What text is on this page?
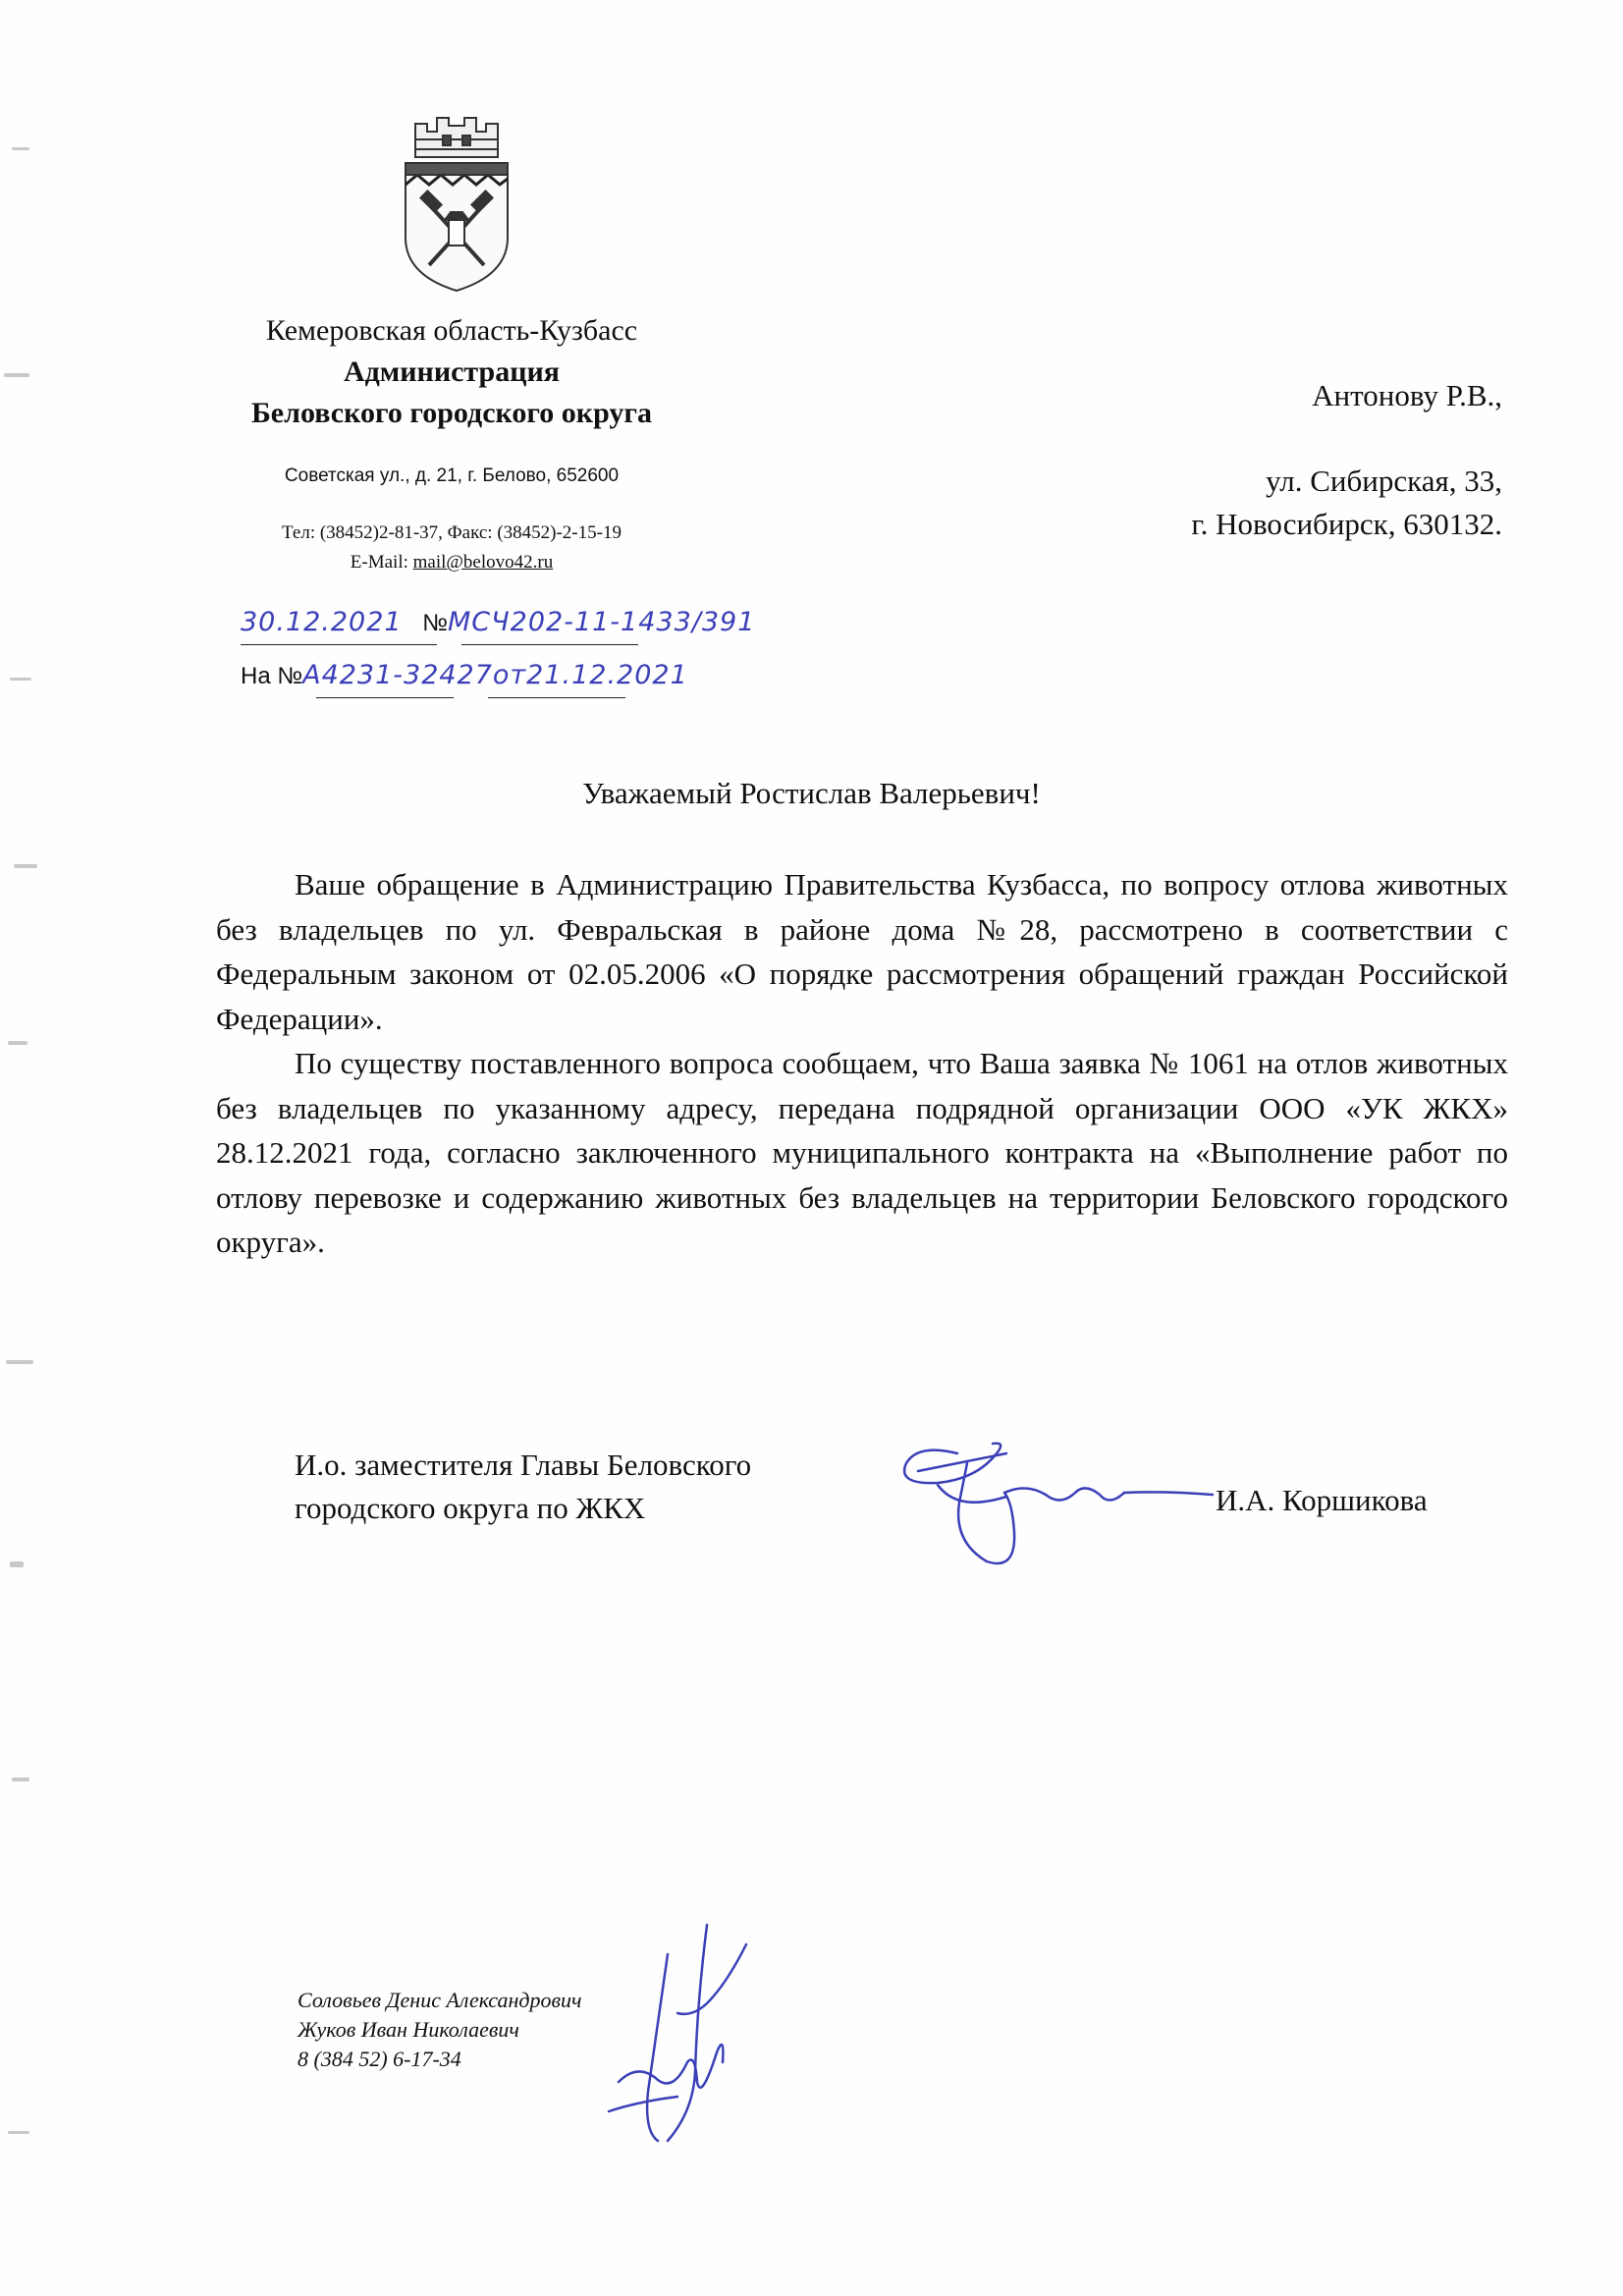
Кемеровская область-Кузбасс
Администрация
Беловского городского округа
Советская ул., д. 21, г. Белово, 652600
Тел: (38452)2-81-37, Факс: (38452)-2-15-19
E-Mail: mail@belovo42.ru
30.12.2021 №МСЧ202-11-1433/391
На №А4231-32427от21.12.2021
Антонову Р.В.,
ул. Сибирская, 33,
г. Новосибирск, 630132.
Уважаемый Ростислав Валерьевич!

Ваше обращение в Администрацию Правительства Кузбасса, по вопросу отлова животных без владельцев по ул. Февральская в районе дома №28, рассмотрено в соответствии с Федеральным законом от 02.05.2006 «О порядке рассмотрения обращений граждан Российской Федерации».

По существу поставленного вопроса сообщаем, что Ваша заявка № 1061 на отлов животных без владельцев по указанному адресу, передана подрядной организации ООО «УК ЖКХ» 28.12.2021 года, согласно заключенного муниципального контракта на «Выполнение работ по отлову перевозке и содержанию животных без владельцев на территории Беловского городского округа».

И.о. заместителя Главы Беловского
городского округа по ЖКХ	И.А. Коршикова
Соловьев Денис Александрович
Жуков Иван Николаевич
8 (384 52) 6-17-34
